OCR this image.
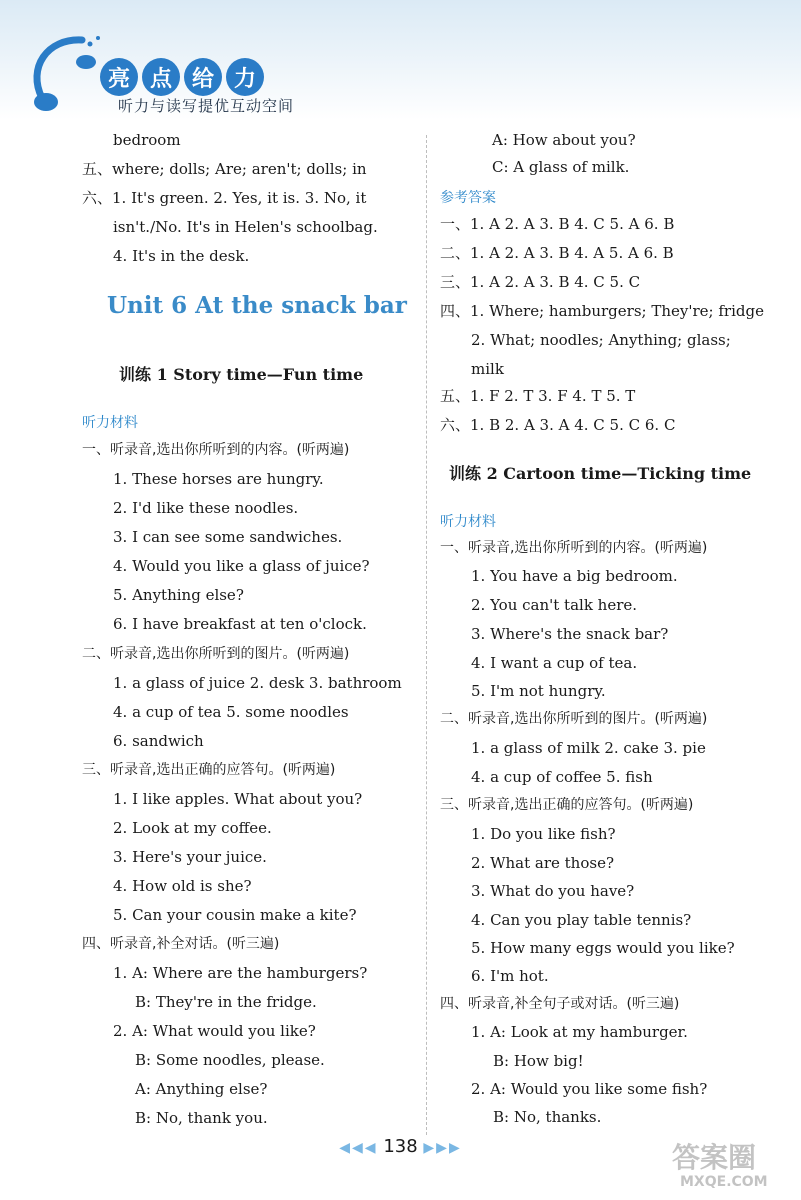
亮 点 给 力
听力与读写提优互动空间
bedroom
五、where; dolls; Are; aren't; dolls; in
六、1. It's green. 2. Yes, it is. 3. No, it
isn't./No. It's in Helen's schoolbag.
4. It's in the desk.
Unit 6 At the snack bar
训练 1 Story time—Fun time
听力材料
一、听录音,选出你所听到的内容。(听两遍)
1. These horses are hungry.
2. I'd like these noodles.
3. I can see some sandwiches.
4. Would you like a glass of juice?
5. Anything else?
6. I have breakfast at ten o'clock.
二、听录音,选出你所听到的图片。(听两遍)
1. a glass of juice 2. desk 3. bathroom
4. a cup of tea 5. some noodles
6. sandwich
三、听录音,选出正确的应答句。(听两遍)
1. I like apples. What about you?
2. Look at my coffee.
3. Here's your juice.
4. How old is she?
5. Can your cousin make a kite?
四、听录音,补全对话。(听三遍)
1. A: Where are the hamburgers?
B: They're in the fridge.
2. A: What would you like?
B: Some noodles, please.
A: Anything else?
B: No, thank you.
A: How about you?
C: A glass of milk.
参考答案
一、1. A 2. A 3. B 4. C 5. A 6. B
二、1. A 2. A 3. B 4. A 5. A 6. B
三、1. A 2. A 3. B 4. C 5. C
四、1. Where; hamburgers; They're; fridge
2. What; noodles; Anything; glass;
milk
五、1. F 2. T 3. F 4. T 5. T
六、1. B 2. A 3. A 4. C 5. C 6. C
训练 2 Cartoon time—Ticking time
听力材料
一、听录音,选出你所听到的内容。(听两遍)
1. You have a big bedroom.
2. You can't talk here.
3. Where's the snack bar?
4. I want a cup of tea.
5. I'm not hungry.
二、听录音,选出你所听到的图片。(听两遍)
1. a glass of milk 2. cake 3. pie
4. a cup of coffee 5. fish
三、听录音,选出正确的应答句。(听两遍)
1. Do you like fish?
2. What are those?
3. What do you have?
4. Can you play table tennis?
5. How many eggs would you like?
6. I'm hot.
四、听录音,补全句子或对话。(听三遍)
1. A: Look at my hamburger.
B: How big!
2. A: Would you like some fish?
B: No, thanks.
◀◀◀ 138 ▶▶▶	答案圈
MXQE.COM
